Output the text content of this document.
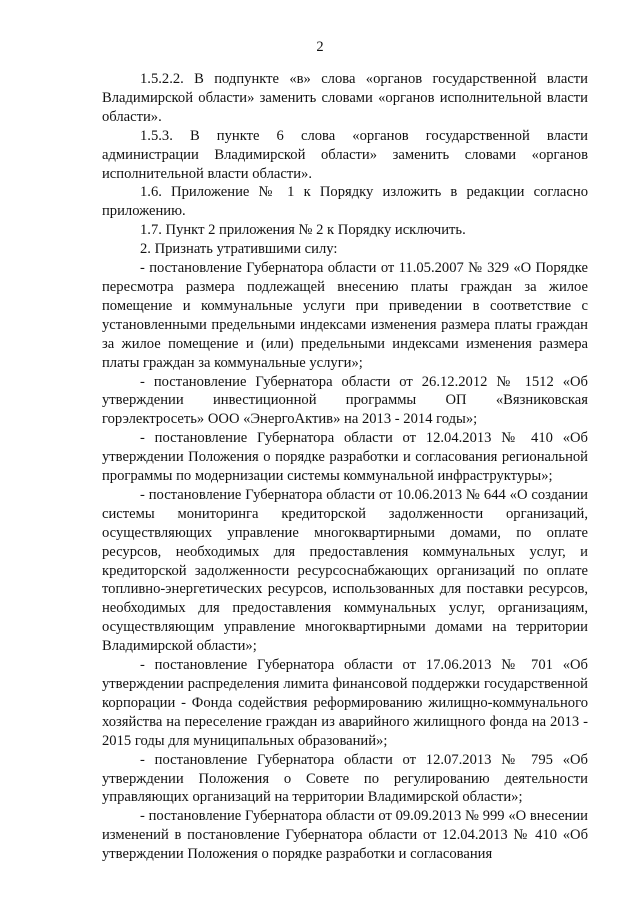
2

1.5.2.2. В подпункте «в» слова «органов государственной власти Владимирской области» заменить словами «органов исполнительной власти области».

1.5.3. В пункте 6 слова «органов государственной власти администрации Владимирской области» заменить словами «органов исполнительной власти области».

1.6. Приложение № 1 к Порядку изложить в редакции согласно приложению.

1.7. Пункт 2 приложения № 2 к Порядку исключить.

2. Признать утратившими силу:

- постановление Губернатора области от 11.05.2007 № 329 «О Порядке пересмотра размера подлежащей внесению платы граждан за жилое помещение и коммунальные услуги при приведении в соответствие с установленными предельными индексами изменения размера платы граждан за жилое помещение и (или) предельными индексами изменения размера платы граждан за коммунальные услуги»;

- постановление Губернатора области от 26.12.2012 № 1512 «Об утверждении инвестиционной программы ОП «Вязниковская горэлектросеть» ООО «ЭнергоАктив» на 2013 - 2014 годы»;

- постановление Губернатора области от 12.04.2013 № 410 «Об утверждении Положения о порядке разработки и согласования региональной программы по модернизации системы коммунальной инфраструктуры»;

- постановление Губернатора области от 10.06.2013 № 644 «О создании системы мониторинга кредиторской задолженности организаций, осуществляющих управление многоквартирными домами, по оплате ресурсов, необходимых для предоставления коммунальных услуг, и кредиторской задолженности ресурсоснабжающих организаций по оплате топливно-энергетических ресурсов, использованных для поставки ресурсов, необходимых для предоставления коммунальных услуг, организациям, осуществляющим управление многоквартирными домами на территории Владимирской области»;

- постановление Губернатора области от 17.06.2013 № 701 «Об утверждении распределения лимита финансовой поддержки государственной корпорации - Фонда содействия реформированию жилищно-коммунального хозяйства на переселение граждан из аварийного жилищного фонда на 2013 - 2015 годы для муниципальных образований»;

- постановление Губернатора области от 12.07.2013 № 795 «Об утверждении Положения о Совете по регулированию деятельности управляющих организаций на территории Владимирской области»;

- постановление Губернатора области от 09.09.2013 № 999 «О внесении изменений в постановление Губернатора области от 12.04.2013 № 410 «Об утверждении Положения о порядке разработки и согласования
